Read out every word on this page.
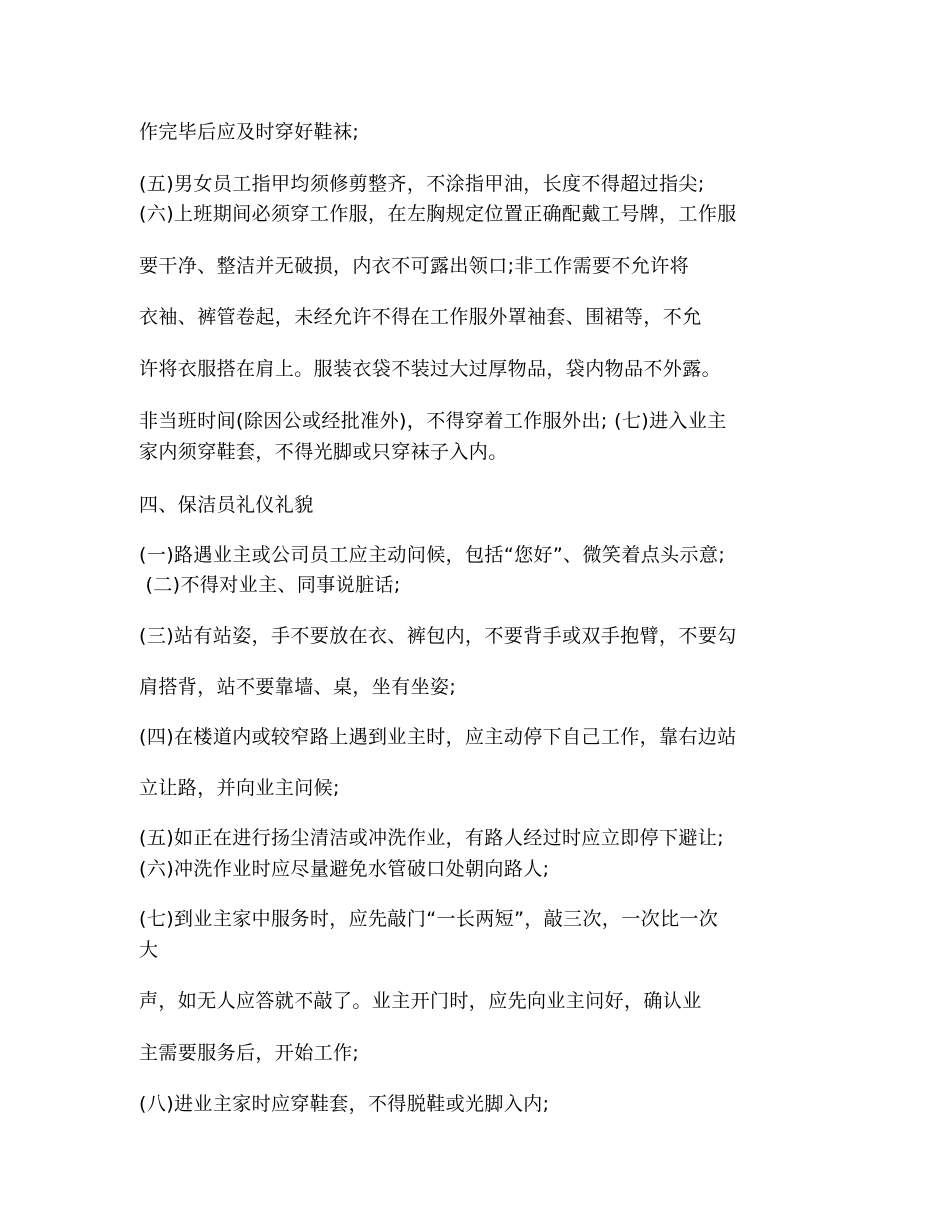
作完毕后应及时穿好鞋袜;
(五)男女员工指甲均须修剪整齐，不涂指甲油，长度不得超过指尖;
(六)上班期间必须穿工作服，在左胸规定位置正确配戴工号牌，工作服
要干净、整洁并无破损，内衣不可露出领口;非工作需要不允许将
衣袖、裤管卷起，未经允许不得在工作服外罩袖套、围裙等，不允
许将衣服搭在肩上。服装衣袋不装过大过厚物品，袋内物品不外露。
非当班时间(除因公或经批准外)，不得穿着工作服外出; (七)进入业主
家内须穿鞋套，不得光脚或只穿袜子入内。
四、保洁员礼仪礼貌
(一)路遇业主或公司员工应主动问候，包括“您好”、微笑着点头示意;
(二)不得对业主、同事说脏话;
(三)站有站姿，手不要放在衣、裤包内，不要背手或双手抱臂，不要勾
肩搭背，站不要靠墙、桌，坐有坐姿;
(四)在楼道内或较窄路上遇到业主时，应主动停下自己工作，靠右边站
立让路，并向业主问候;
(五)如正在进行扬尘清洁或冲洗作业，有路人经过时应立即停下避让;
(六)冲洗作业时应尽量避免水管破口处朝向路人;
(七)到业主家中服务时，应先敲门“一长两短”，敲三次，一次比一次
大
声，如无人应答就不敲了。业主开门时，应先向业主问好，确认业
主需要服务后，开始工作;
(八)进业主家时应穿鞋套，不得脱鞋或光脚入内;
